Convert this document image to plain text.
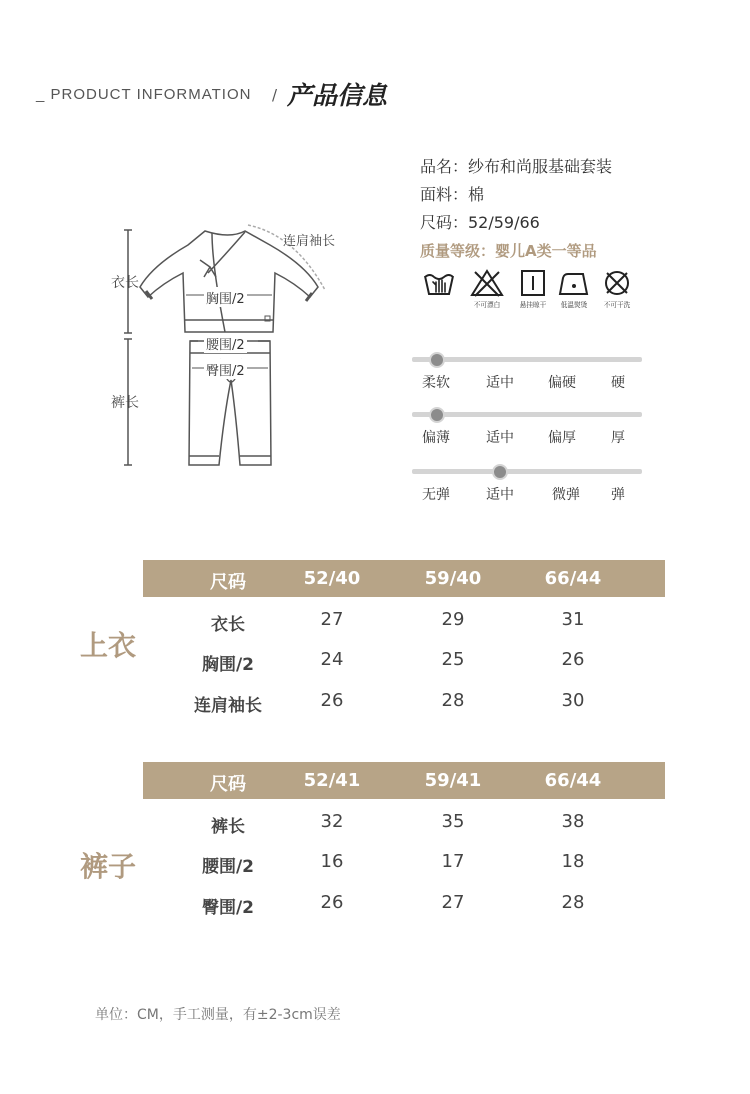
_ PRODUCT INFORMATION / 产品信息
品名：纱布和尚服基础套装
面料：棉
尺码：52/59/66
质量等级：婴儿A类一等品
不可漂白	悬挂晾干	低温熨烫	不可干洗
柔软	适中 偏硬	硬
偏薄	适中 偏厚	厚
无弹	适中	微弹 弹
连肩袖长
衣长
胸围/2
腰围/2
臀围/2
裤长
上衣
尺码	52/40	59/40	66/44
衣长	27	29	31
胸围/2	24	25	26
连肩袖长	26	28	30
裤子
尺码	52/41	59/41	66/44
裤长	32	35	38
腰围/2	16	17	18
臀围/2	26	27	28
单位：CM，手工测量，有±2-3cm误差
